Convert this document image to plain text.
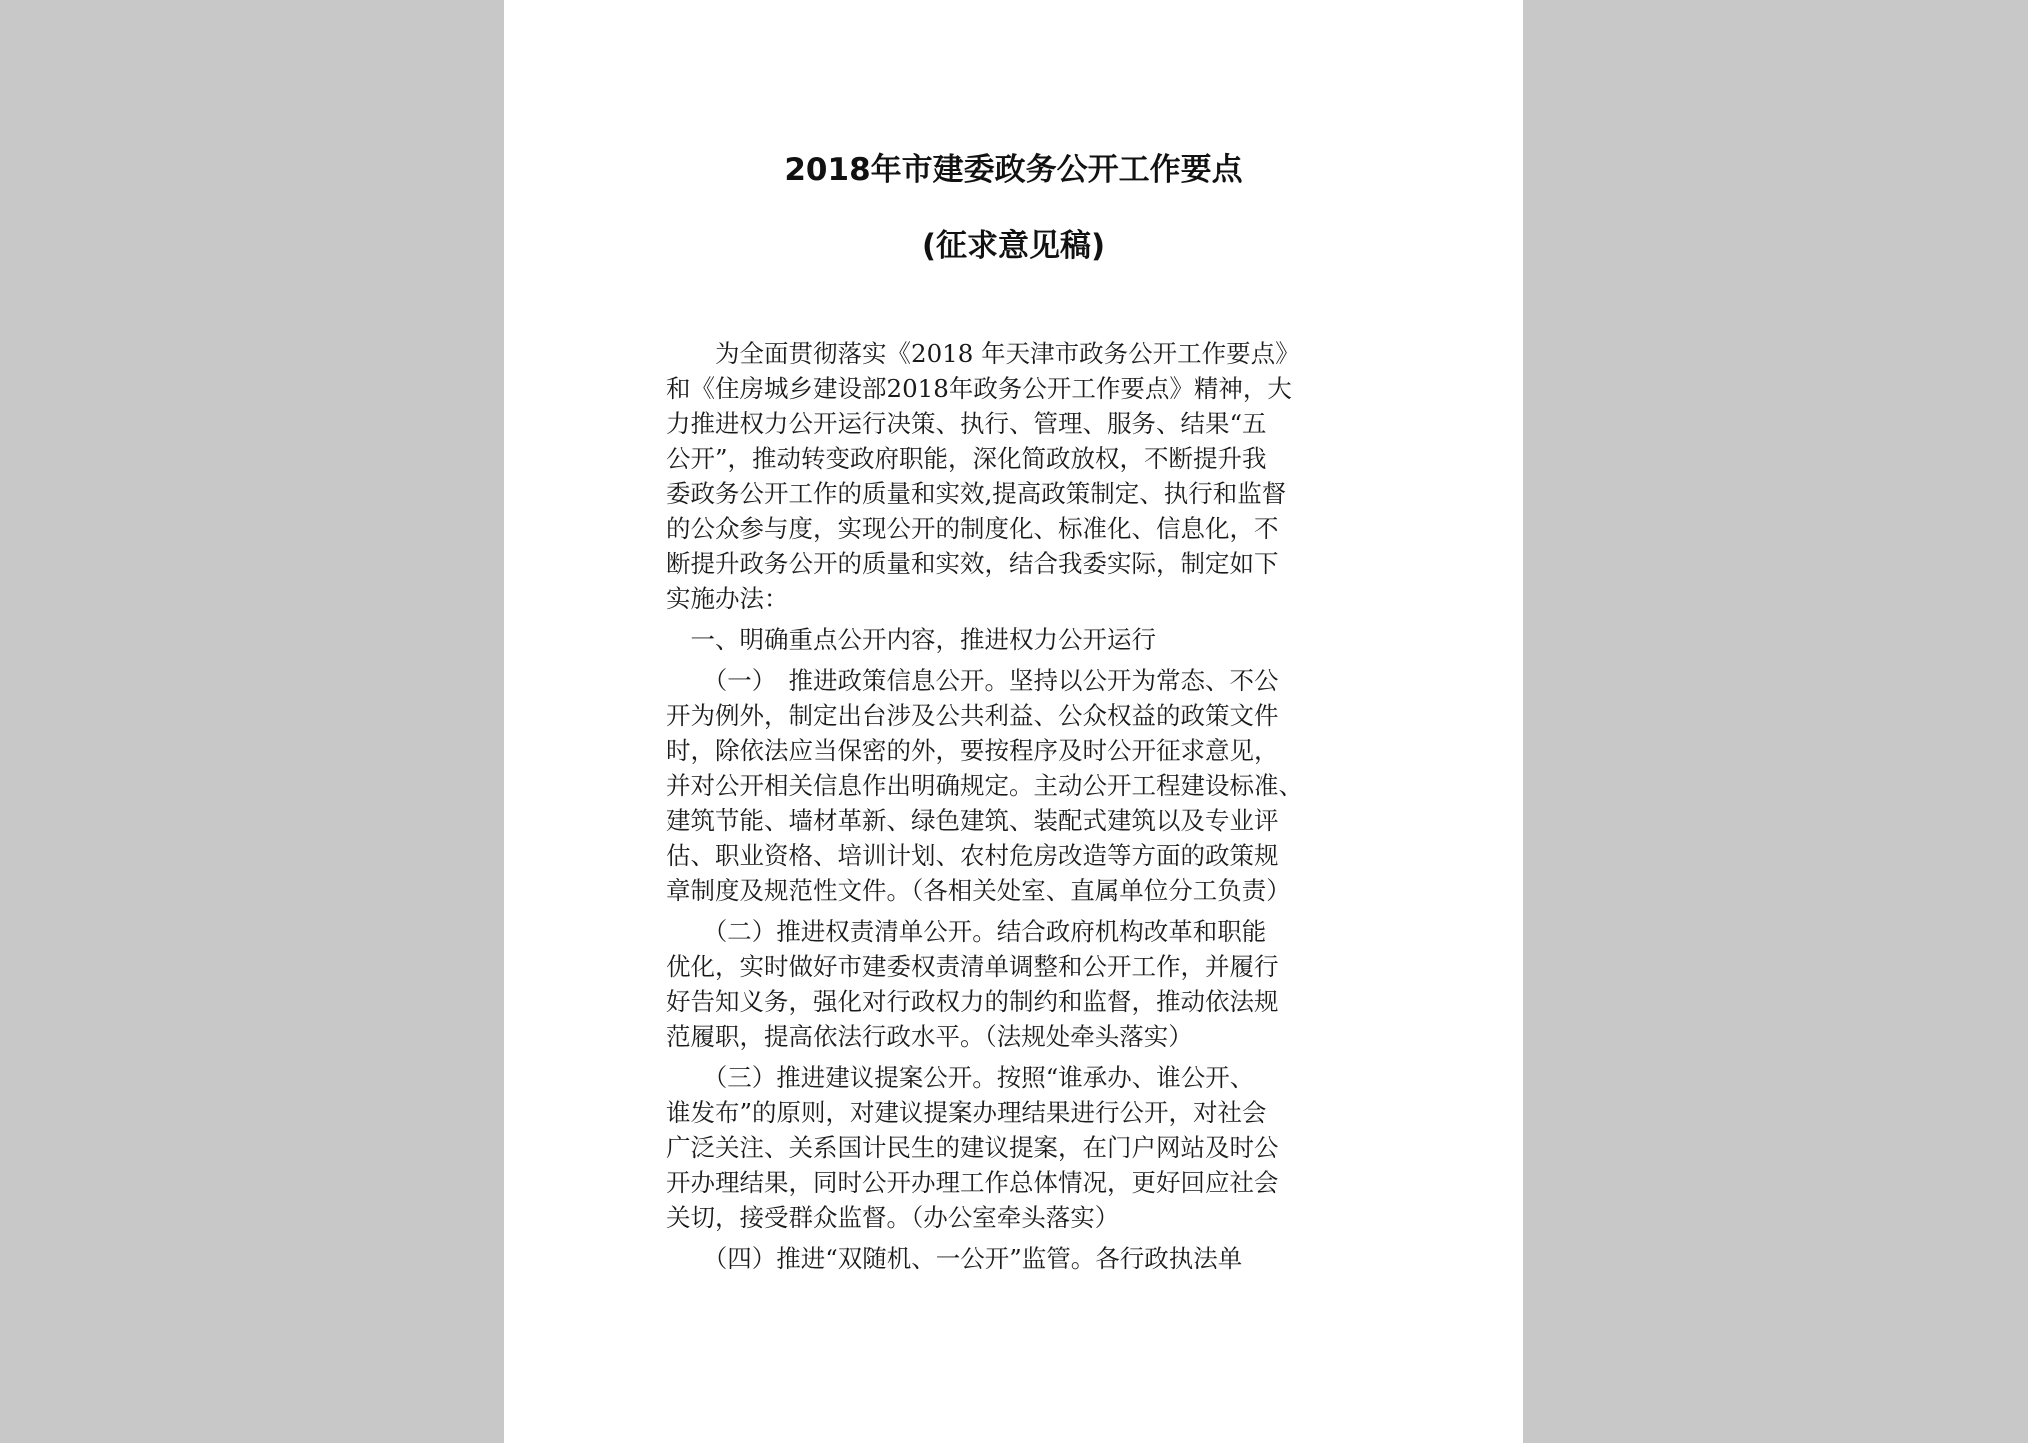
2018年市建委政务公开工作要点
(征求意见稿)
　　为全面贯彻落实《2018 年天津市政务公开工作要点》
和《住房城乡建设部2018年政务公开工作要点》精神，大
力推进权力公开运行决策、执行、管理、服务、结果“五
公开”，推动转变政府职能，深化简政放权，不断提升我
委政务公开工作的质量和实效,提高政策制定、执行和监督
的公众参与度，实现公开的制度化、标准化、信息化，不
断提升政务公开的质量和实效，结合我委实际，制定如下
实施办法：
　一、明确重点公开内容，推进权力公开运行
　　（一）　推进政策信息公开。坚持以公开为常态、不公
开为例外，制定出台涉及公共利益、公众权益的政策文件
时，除依法应当保密的外，要按程序及时公开征求意见，
并对公开相关信息作出明确规定。主动公开工程建设标准、
建筑节能、墙材革新、绿色建筑、装配式建筑以及专业评
估、职业资格、培训计划、农村危房改造等方面的政策规
章制度及规范性文件。（各相关处室、直属单位分工负责）
　　（二）推进权责清单公开。结合政府机构改革和职能
优化，实时做好市建委权责清单调整和公开工作，并履行
好告知义务，强化对行政权力的制约和监督，推动依法规
范履职，提高依法行政水平。（法规处牵头落实）
　　（三）推进建议提案公开。按照“谁承办、谁公开、
谁发布”的原则，对建议提案办理结果进行公开，对社会
广泛关注、关系国计民生的建议提案，在门户网站及时公
开办理结果，同时公开办理工作总体情况，更好回应社会
关切，接受群众监督。（办公室牵头落实）
　　（四）推进“双随机、一公开”监管。各行政执法单
